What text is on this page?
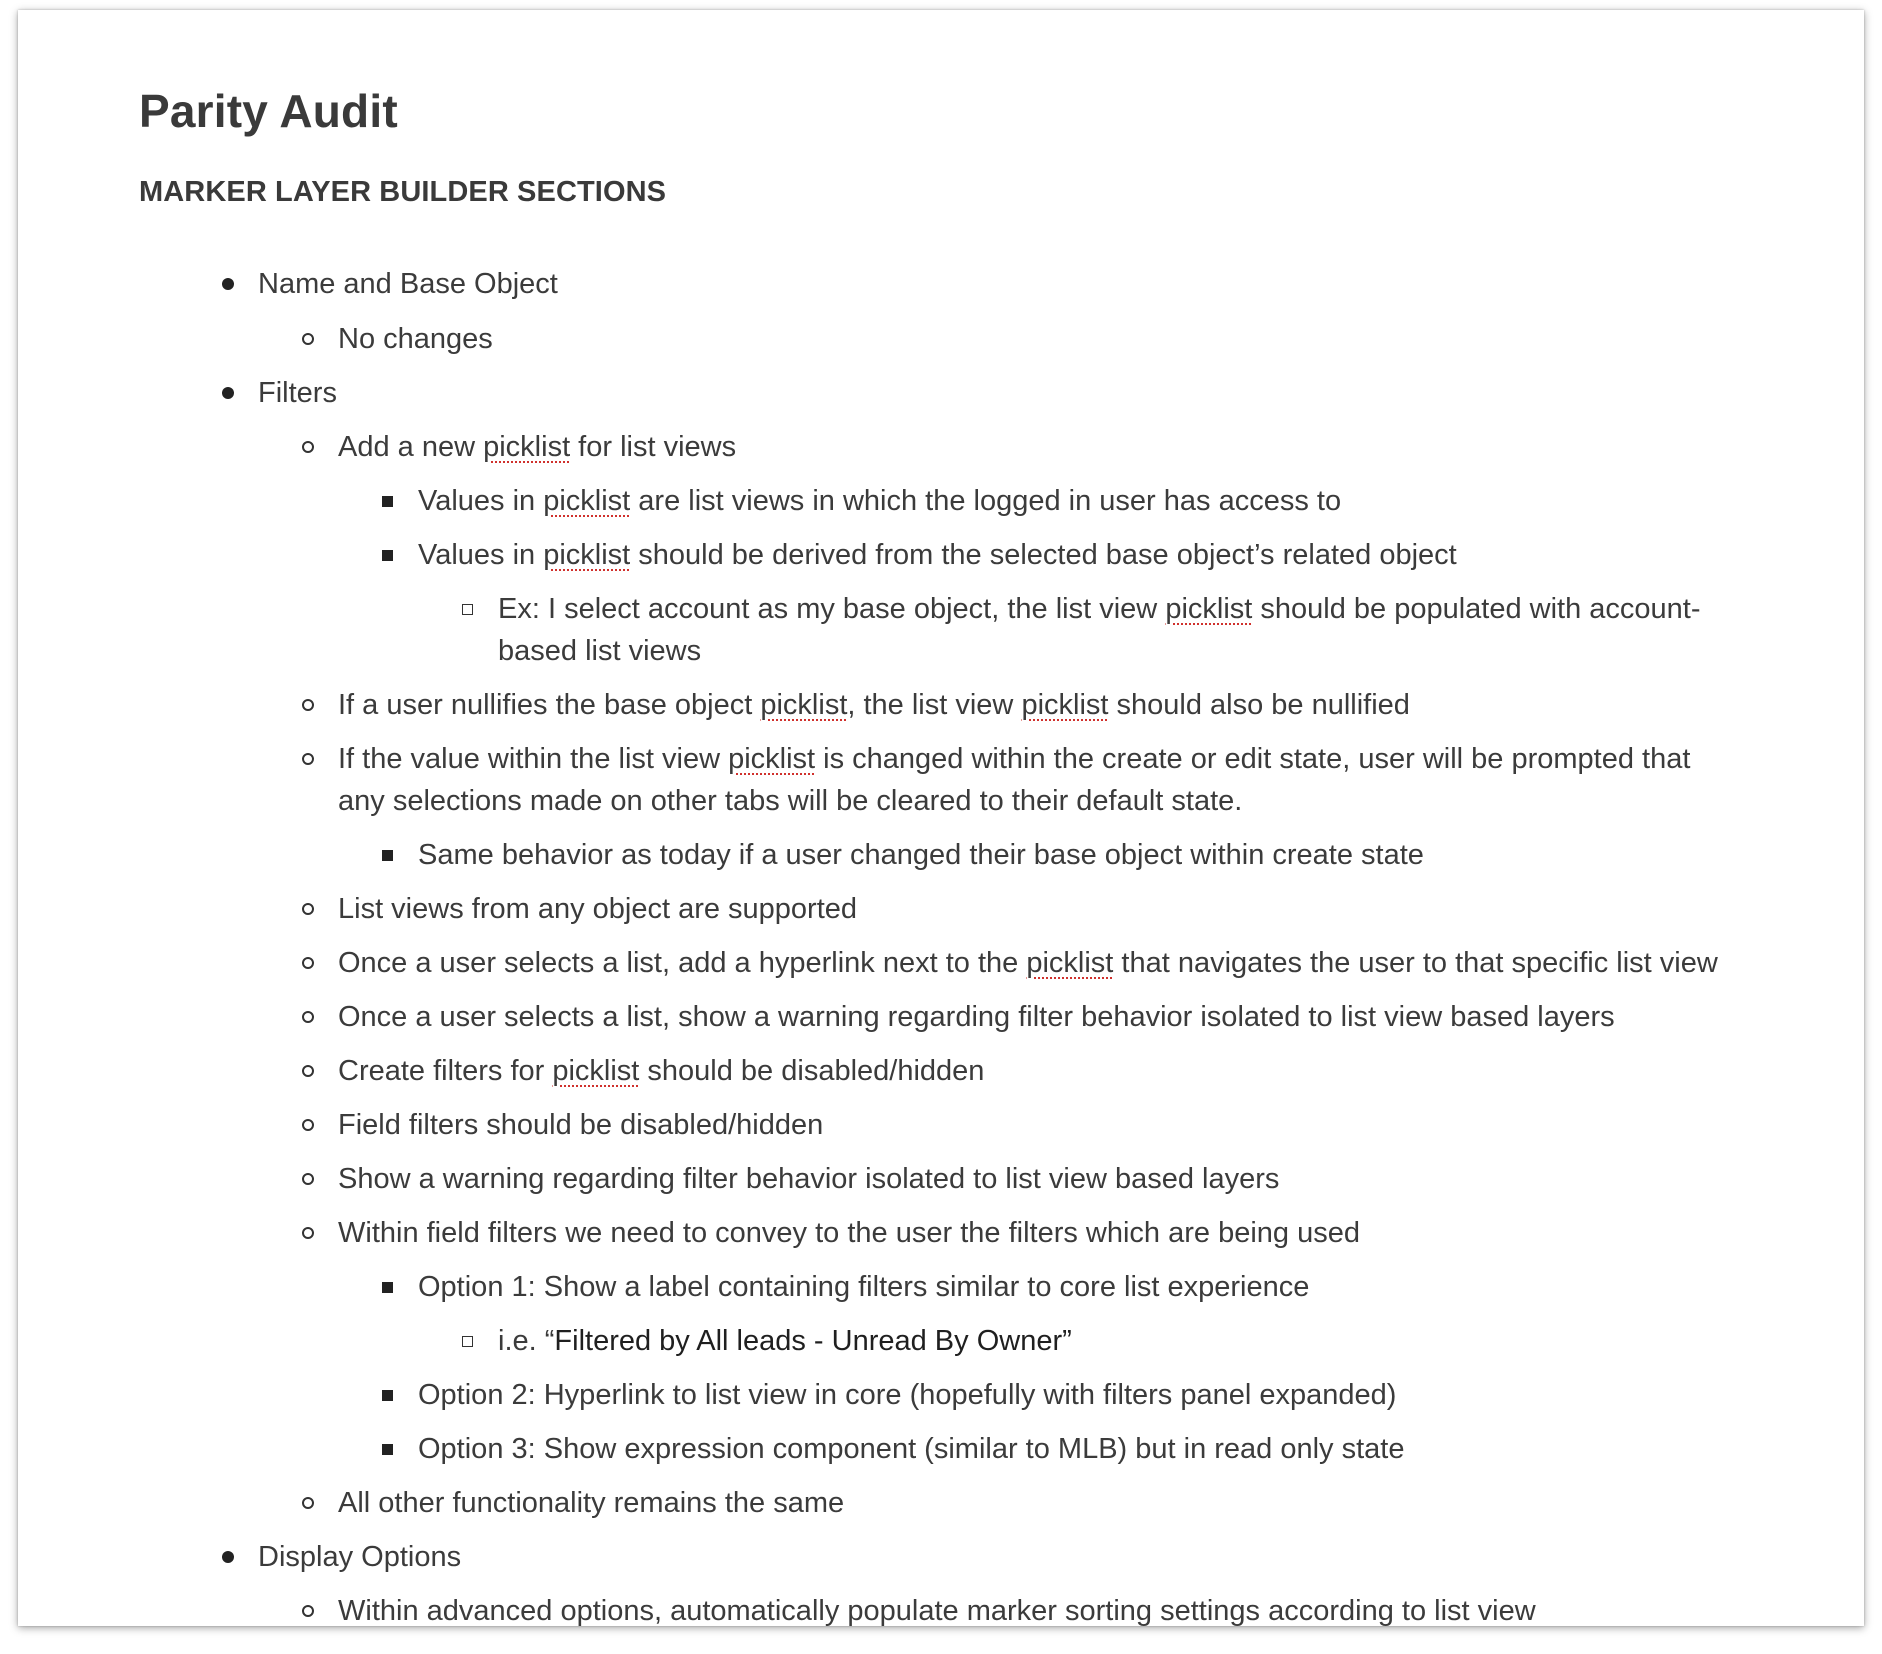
Parity Audit
MARKER LAYER BUILDER SECTIONS
Name and Base Object
No changes
Filters
Add a new picklist for list views
Values in picklist are list views in which the logged in user has access to
Values in picklist should be derived from the selected base object’s related object
Ex: I select account as my base object, the list view picklist should be populated with account-
based list views
If a user nullifies the base object picklist, the list view picklist should also be nullified
If the value within the list view picklist is changed within the create or edit state, user will be prompted that
any selections made on other tabs will be cleared to their default state.
Same behavior as today if a user changed their base object within create state
List views from any object are supported
Once a user selects a list, add a hyperlink next to the picklist that navigates the user to that specific list view
Once a user selects a list, show a warning regarding filter behavior isolated to list view based layers
Create filters for picklist should be disabled/hidden
Field filters should be disabled/hidden
Show a warning regarding filter behavior isolated to list view based layers
Within field filters we need to convey to the user the filters which are being used
Option 1: Show a label containing filters similar to core list experience
i.e. “Filtered by All leads - Unread By Owner”
Option 2: Hyperlink to list view in core (hopefully with filters panel expanded)
Option 3: Show expression component (similar to MLB) but in read only state
All other functionality remains the same
Display Options
Within advanced options, automatically populate marker sorting settings according to list view
